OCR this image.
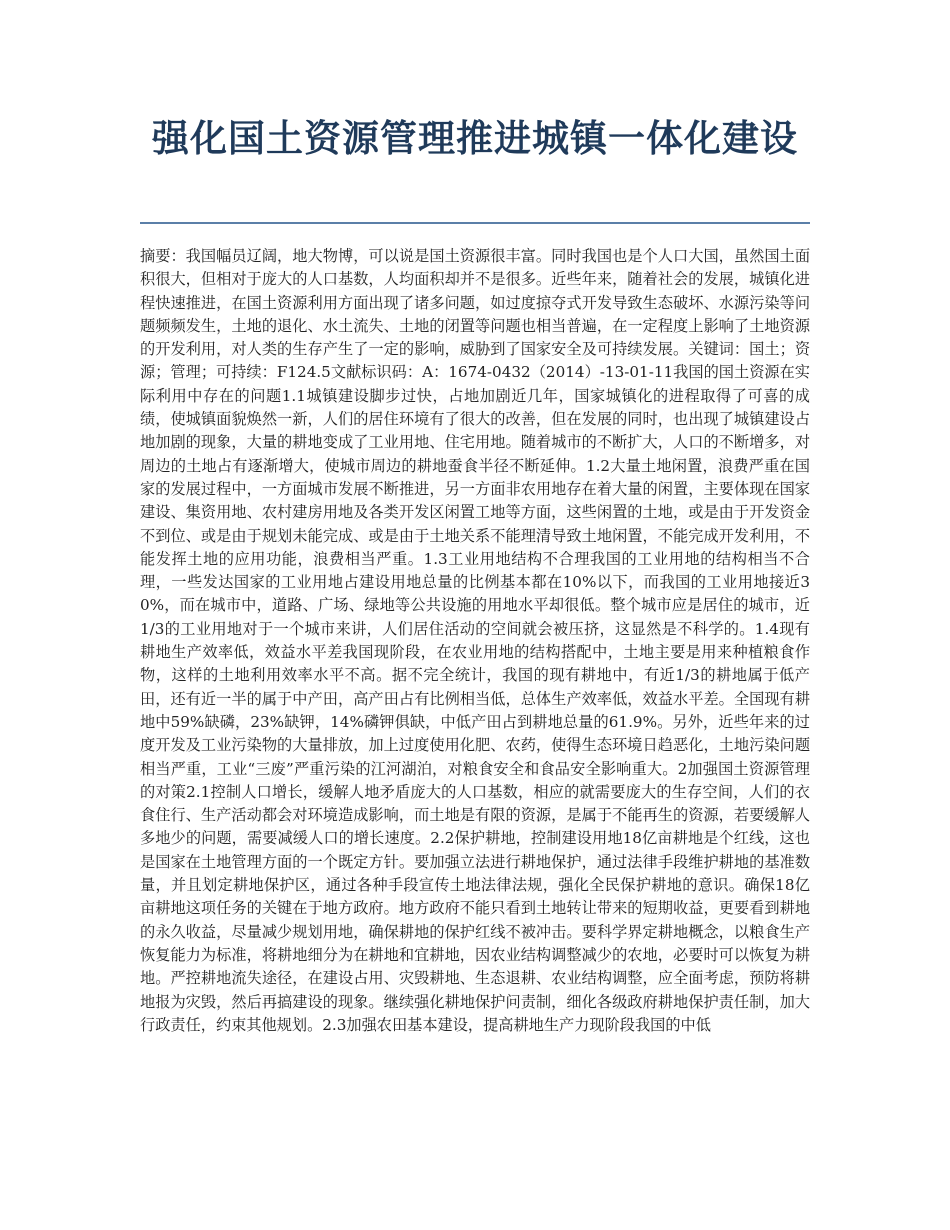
强化国土资源管理推进城镇一体化建设

摘要：我国幅员辽阔，地大物博，可以说是国土资源很丰富。同时我国也是个人口大国，虽然国土面积很大，但相对于庞大的人口基数，人均面积却并不是很多。近些年来，随着社会的发展，城镇化进程快速推进，在国土资源利用方面出现了诸多问题，如过度掠夺式开发导致生态破坏、水源污染等问题频频发生，土地的退化、水土流失、土地的闭置等问题也相当普遍，在一定程度上影响了土地资源的开发利用，对人类的生存产生了一定的影响，威胁到了国家安全及可持续发展。关键词：国土；资源；管理；可持续：F124.5文献标识码：A：1674-0432（2014）-13-01-11我国的国土资源在实际利用中存在的问题1.1城镇建设脚步过快，占地加剧近几年，国家城镇化的进程取得了可喜的成绩，使城镇面貌焕然一新，人们的居住环境有了很大的改善，但在发展的同时，也出现了城镇建设占地加剧的现象，大量的耕地变成了工业用地、住宅用地。随着城市的不断扩大，人口的不断增多，对周边的土地占有逐渐增大，使城市周边的耕地蚕食半径不断延伸。1.2大量土地闲置，浪费严重在国家的发展过程中，一方面城市发展不断推进，另一方面非农用地存在着大量的闲置，主要体现在国家建设、集资用地、农村建房用地及各类开发区闲置工地等方面，这些闲置的土地，或是由于开发资金不到位、或是由于规划未能完成、或是由于土地关系不能理清导致土地闲置，不能完成开发利用，不能发挥土地的应用功能，浪费相当严重。1.3工业用地结构不合理我国的工业用地的结构相当不合理，一些发达国家的工业用地占建设用地总量的比例基本都在10%以下，而我国的工业用地接近30%，而在城市中，道路、广场、绿地等公共设施的用地水平却很低。整个城市应是居住的城市，近1/3的工业用地对于一个城市来讲，人们居住活动的空间就会被压挤，这显然是不科学的。1.4现有耕地生产效率低，效益水平差我国现阶段，在农业用地的结构搭配中，土地主要是用来种植粮食作物，这样的土地利用效率水平不高。据不完全统计，我国的现有耕地中，有近1/3的耕地属于低产田，还有近一半的属于中产田，高产田占有比例相当低，总体生产效率低，效益水平差。全国现有耕地中59%缺磷，23%缺钾，14%磷钾俱缺，中低产田占到耕地总量的61.9%。另外，近些年来的过度开发及工业污染物的大量排放，加上过度使用化肥、农药，使得生态环境日趋恶化，土地污染问题相当严重，工业“三废”严重污染的江河湖泊，对粮食安全和食品安全影响重大。2加强国土资源管理的对策2.1控制人口增长，缓解人地矛盾庞大的人口基数，相应的就需要庞大的生存空间，人们的衣食住行、生产活动都会对环境造成影响，而土地是有限的资源，是属于不能再生的资源，若要缓解人多地少的问题，需要减缓人口的增长速度。2.2保护耕地，控制建设用地18亿亩耕地是个红线，这也是国家在土地管理方面的一个既定方针。要加强立法进行耕地保护，通过法律手段维护耕地的基准数量，并且划定耕地保护区，通过各种手段宣传土地法律法规，强化全民保护耕地的意识。确保18亿亩耕地这项任务的关键在于地方政府。地方政府不能只看到土地转让带来的短期收益，更要看到耕地的永久收益，尽量减少规划用地，确保耕地的保护红线不被冲击。要科学界定耕地概念，以粮食生产恢复能力为标准，将耕地细分为在耕地和宜耕地，因农业结构调整减少的农地，必要时可以恢复为耕地。严控耕地流失途径，在建设占用、灾毁耕地、生态退耕、农业结构调整，应全面考虑，预防将耕地报为灾毁，然后再搞建设的现象。继续强化耕地保护问责制，细化各级政府耕地保护责任制，加大行政责任，约束其他规划。2.3加强农田基本建设，提高耕地生产力现阶段我国的中低
